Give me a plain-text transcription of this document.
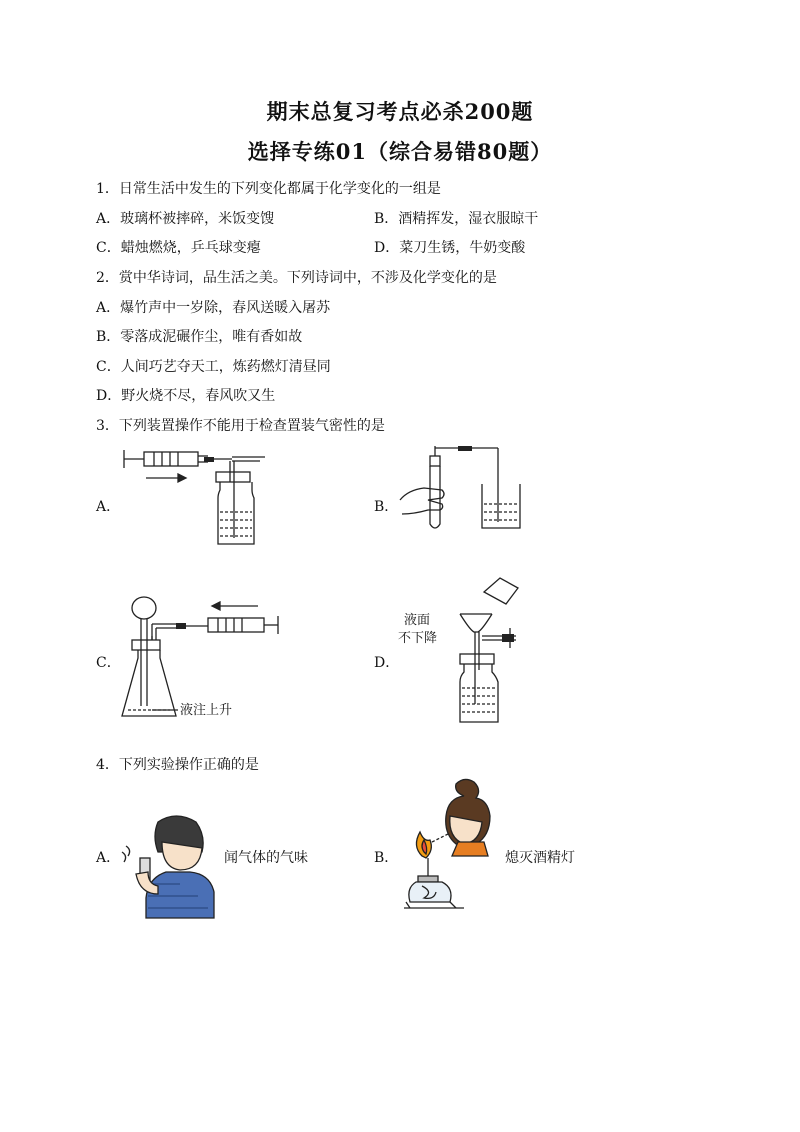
期末总复习考点必杀200题
选择专练01（综合易错80题）
1．日常生活中发生的下列变化都属于化学变化的一组是
A．玻璃杯被摔碎，米饭变馊	B．酒精挥发，湿衣服晾干
C．蜡烛燃烧，乒乓球变瘪	D．菜刀生锈，牛奶变酸
2．赏中华诗词，品生活之美。下列诗词中，不涉及化学变化的是
A．爆竹声中一岁除，春风送暖入屠苏
B．零落成泥碾作尘，唯有香如故
C．人间巧艺夺天工，炼药燃灯清昼同
D．野火烧不尽，春风吹又生
3．下列装置操作不能用于检查置装气密性的是
A．	B．
C．	D．
液注上升
液面
不下降
4．下列实验操作正确的是
A．	B．
闻气体的气味	熄灭酒精灯
